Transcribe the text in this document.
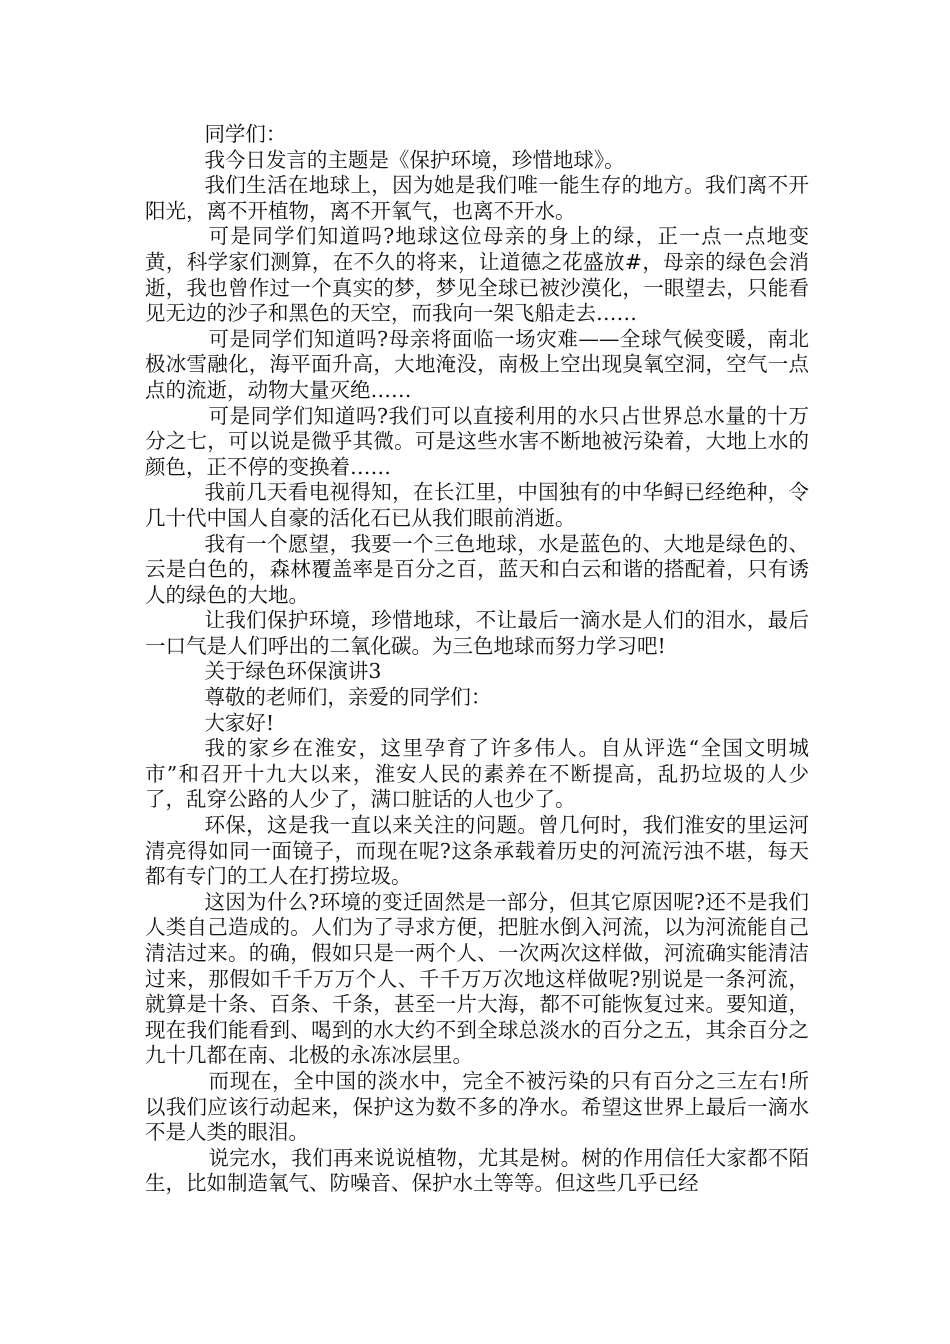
同学们：

我今日发言的主题是《保护环境，珍惜地球》。

我们生活在地球上，因为她是我们唯一能生存的地方。我们离不开阳光，离不开植物，离不开氧气，也离不开水。

可是同学们知道吗?地球这位母亲的身上的绿，正一点一点地变黄，科学家们测算，在不久的将来，让道德之花盛放#，母亲的绿色会消逝，我也曾作过一个真实的梦，梦见全球已被沙漠化，一眼望去，只能看见无边的沙子和黑色的天空，而我向一架飞船走去……

可是同学们知道吗?母亲将面临一场灾难——全球气候变暖，南北极冰雪融化，海平面升高，大地淹没，南极上空出现臭氧空洞，空气一点点的流逝，动物大量灭绝……

可是同学们知道吗?我们可以直接利用的水只占世界总水量的十万分之七，可以说是微乎其微。可是这些水害不断地被污染着，大地上水的颜色，正不停的变换着……

我前几天看电视得知，在长江里，中国独有的中华鲟已经绝种，令几十代中国人自豪的活化石已从我们眼前消逝。

我有一个愿望，我要一个三色地球，水是蓝色的、大地是绿色的、云是白色的，森林覆盖率是百分之百，蓝天和白云和谐的搭配着，只有诱人的绿色的大地。

让我们保护环境，珍惜地球，不让最后一滴水是人们的泪水，最后一口气是人们呼出的二氧化碳。为三色地球而努力学习吧!

关于绿色环保演讲3

尊敬的老师们，亲爱的同学们：

大家好!

我的家乡在淮安，这里孕育了许多伟人。自从评选“全国文明城市”和召开十九大以来，淮安人民的素养在不断提高，乱扔垃圾的人少了，乱穿公路的人少了，满口脏话的人也少了。

环保，这是我一直以来关注的问题。曾几何时，我们淮安的里运河清亮得如同一面镜子，而现在呢?这条承载着历史的河流污浊不堪，每天都有专门的工人在打捞垃圾。

这因为什么?环境的变迁固然是一部分，但其它原因呢?还不是我们人类自己造成的。人们为了寻求方便，把脏水倒入河流，以为河流能自己清洁过来。的确，假如只是一两个人、一次两次这样做，河流确实能清洁过来，那假如千千万万个人、千千万万次地这样做呢?别说是一条河流，就算是十条、百条、千条，甚至一片大海，都不可能恢复过来。要知道，现在我们能看到、喝到的水大约不到全球总淡水的百分之五，其余百分之九十几都在南、北极的永冻冰层里。

而现在，全中国的淡水中，完全不被污染的只有百分之三左右!所以我们应该行动起来，保护这为数不多的净水。希望这世界上最后一滴水不是人类的眼泪。

说完水，我们再来说说植物，尤其是树。树的作用信任大家都不陌生，比如制造氧气、防噪音、保护水土等等。但这些几乎已经
